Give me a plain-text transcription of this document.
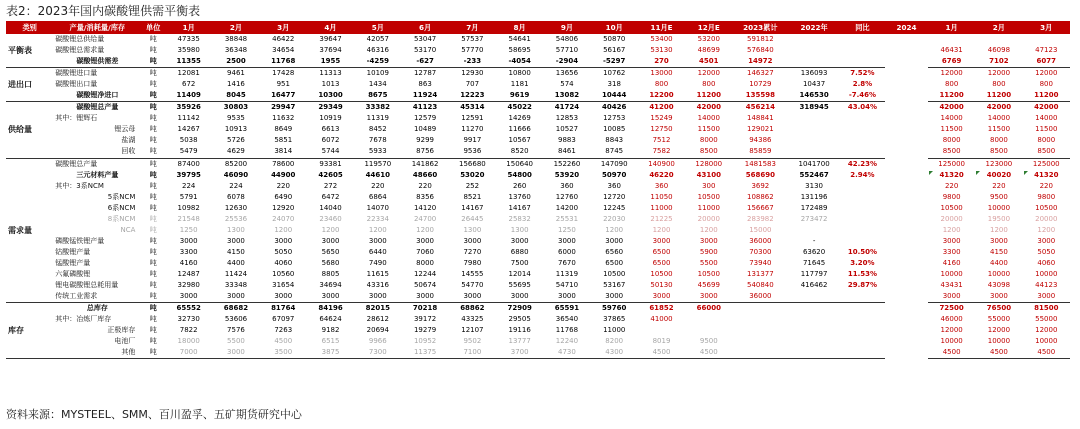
表2：2023年国内碳酸锂供需平衡表
类别	产量/消耗量/库存	单位	1月	2月	3月	4月	5月	6月	7月	8月	9月	10月	11月E	12月E	2023累计	2022年	同比	2024	1月	2月	3月
平衡表	碳酸锂总供给量	吨	47335	38848	46422	39647	42057	53047	57537	54641	54806	50870	53400	53200	591812						
	碳酸锂总需求量	吨	35980	36348	34654	37694	46316	53170	57770	58695	57710	56167	53130	48699	576840				46431	46098	47123
	碳酸锂供需差	吨	11355	2500	11768	1955	-4259	-627	-233	-4054	-2904	-5297	270	4501	14972				6769	7102	6077
进出口	碳酸锂进口量	吨	12081	9461	17428	11313	10109	12787	12930	10800	13656	10762	13000	12000	146327	136093	7.52%		12000	12000	12000
	碳酸锂出口量	吨	672	1416	951	1013	1434	863	707	1181	574	318	800	800	10729	10437	2.8%		800	800	800
	碳酸锂净进口	吨	11409	8045	16477	10300	8675	11924	12223	9619	13082	10444	12200	11200	135598	146530	-7.46%		11200	11200	11200
供给量	碳酸锂总产量	吨	35926	30803	29947	29349	33382	41123	45314	45022	41724	40426	41200	42000	456214	318945	43.04%		42000	42000	42000
	其中：锂辉石	吨	11142	9535	11632	10919	11319	12579	12591	14269	12853	12753	15249	14000	148841				14000	14000	14000
	锂云母	吨	14267	10913	8649	6613	8452	10489	11270	11666	10527	10085	12750	11500	129021				11500	11500	11500
	盐湖	吨	5038	5726	5851	6072	7678	9299	9917	10567	9883	8843	7512	8000	94386				8000	8000	8000
	回收	吨	5479	4629	3814	5744	5933	8756	9536	8520	8461	8745	7582	8500	85859				8500	8500	8500
需求量	碳酸锂总产量	吨	87400	85200	78600	93381	119570	141862	156680	150640	152260	147090	140900	128000	1481583	1041700	42.23%		125000	123000	125000
	三元材料产量	吨	39795	46090	44900	42605	44610	48660	53020	54800	53920	50970	46220	43100	568690	552467	2.94%		41320	40020	41320
	其中：3系NCM	吨	224	224	220	272	220	220	252	260	360	360	360	300	3692	3130			220	220	220
	5系NCM	吨	5791	6078	6490	6472	6864	8356	8521	13760	12760	12720	11050	10500	108862	131196			9800	9500	9800
	6系NCM	吨	10982	12630	12920	14040	14070	14120	14167	14167	14200	12245	11000	11000	156667	172489			10500	10000	10500
	8系NCM	吨	21548	25536	24070	23460	22334	24700	26445	25832	25531	22030	21225	20000	283982	273472			20000	19500	20000
	NCA	吨	1250	1300	1200	1200	1200	1200	1300	1300	1250	1200	1200	1200	15000				1200	1200	1200
	磷酸锰铁锂产量	吨	3000	3000	3000	3000	3000	3000	3000	3000	3000	3000	3000	3000	36000	-			3000	3000	3000
	钴酸锂产量	吨	3300	4150	5050	5650	6440	7060	7270	6880	6000	6560	6500	5900	70300	63620	10.50%		3300	4150	5050
	锰酸锂产量	吨	4160	4400	4060	5680	7490	8000	7980	7500	7670	6500	6500	5500	73940	71645	3.20%		4160	4400	4060
	六氟磷酸锂	吨	12487	11424	10560	8805	11615	12244	14555	12014	11319	10500	10500	10500	131377	117797	11.53%		10000	10000	10000
	锂电碳酸锂总耗用量	吨	32980	33348	31654	34694	43316	50674	54770	55695	54710	53167	50130	45699	540840	416462	29.87%		43431	43098	44123
	传统工业需求	吨	3000	3000	3000	3000	3000	3000	3000	3000	3000	3000	3000	3000	36000				3000	3000	3000
库存	总库存	吨	65552	68682	81764	84196	82015	70218	68862	72909	65591	59760	61852	66000					72500	76500	81500
	其中：冶炼厂库存	吨	32730	53606	67097	64624	28612	39172	43325	29505	36540	37865	41000						46000	55000	55000
	正极库存	吨	7822	7576	7263	9182	20694	19279	12107	19116	11768	11000							12000	12000	12000
	电池厂	吨	18000	5500	4500	6515	9966	10952	9502	13777	12240	8200	8019	9500					10000	10000	10000
	其他	吨	7000	3000	3500	3875	7300	11375	7100	3700	4730	4300	4500	4500					4500	4500	4500
资料来源：MYSTEEL、SMM、百川盈孚、五矿期货研究中心
